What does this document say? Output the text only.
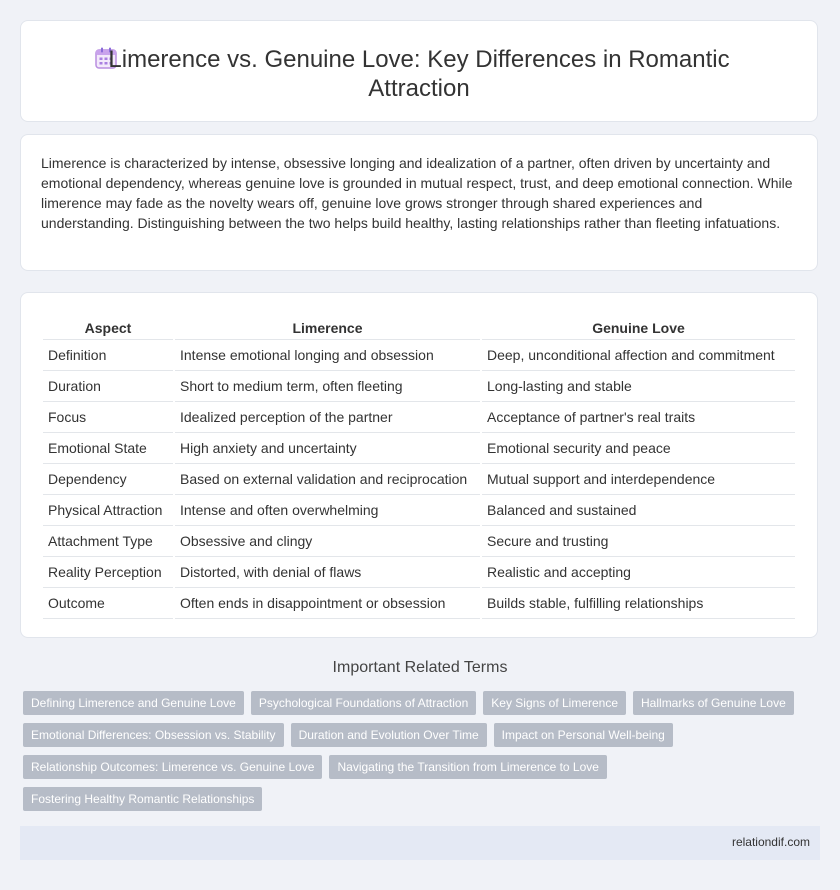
Limerence vs. Genuine Love: Key Differences in Romantic Attraction

Limerence is characterized by intense, obsessive longing and idealization of a partner, often driven by uncertainty and emotional dependency, whereas genuine love is grounded in mutual respect, trust, and deep emotional connection. While limerence may fade as the novelty wears off, genuine love grows stronger through shared experiences and understanding. Distinguishing between the two helps build healthy, lasting relationships rather than fleeting infatuations.

Aspect	Limerence	Genuine Love
Definition	Intense emotional longing and obsession	Deep, unconditional affection and commitment
Duration	Short to medium term, often fleeting	Long-lasting and stable
Focus	Idealized perception of the partner	Acceptance of partner's real traits
Emotional State	High anxiety and uncertainty	Emotional security and peace
Dependency	Based on external validation and reciprocation	Mutual support and interdependence
Physical Attraction	Intense and often overwhelming	Balanced and sustained
Attachment Type	Obsessive and clingy	Secure and trusting
Reality Perception	Distorted, with denial of flaws	Realistic and accepting
Outcome	Often ends in disappointment or obsession	Builds stable, fulfilling relationships
Important Related Terms
Defining Limerence and Genuine Love	Psychological Foundations of Attraction	Key Signs of Limerence	Hallmarks of Genuine Love
Emotional Differences: Obsession vs. Stability	Duration and Evolution Over Time	Impact on Personal Well-being
Relationship Outcomes: Limerence vs. Genuine Love	Navigating the Transition from Limerence to Love
Fostering Healthy Romantic Relationships
relationdif.com
